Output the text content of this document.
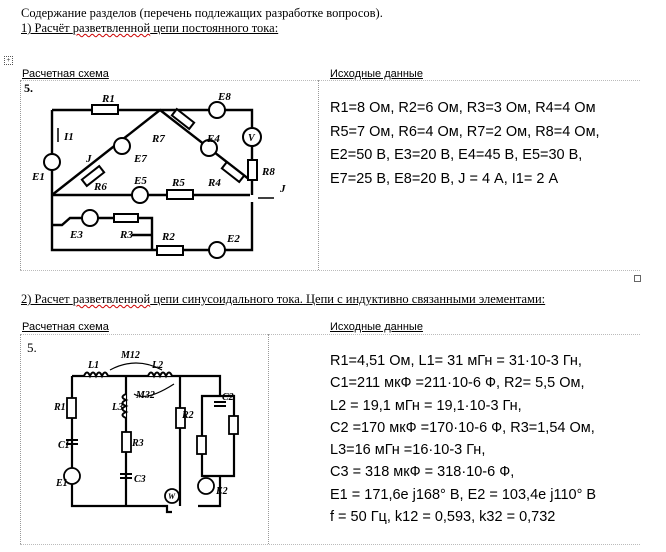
Содержание разделов (перечень подлежащих разработке вопросов).
1) Расчёт разветвленной цепи постоянного тока:
+
Расчетная схема	Исходные данные
5.
R1
R7
E8
V
E4
R8
I1
E1
J	E7
R6 E5 R5 R4	J
E3	R3	R2	E2
R1=8 Ом, R2=6 Ом, R3=3 Ом, R4=4 Ом
R5=7 Ом, R6=4 Ом, R7=2 Ом, R8=4 Ом,
E2=50 В, E3=20 В, E4=45 В, E5=30 В,
E7=25 В, E8=20 В, J = 4 А, I1= 2 А
2) Расчет разветвленной цепи синусоидального тока. Цепи с индуктивно связанными элементами:
Расчетная схема	Исходные данные
5.
L1
M12
L2
C2
R1	L3
M32
R2
C1	R3
E1	C3
W	E2
R1=4,51 Ом, L1= 31 мГн = 31·10-3 Гн,
C1=211 мкФ =211·10-6 Ф, R2= 5,5 Ом,
L2 = 19,1 мГн = 19,1·10-3 Гн,
C2 =170 мкФ =170·10-6 Ф, R3=1,54 Ом,
L3=16 мГн =16·10-3 Гн,
C3 = 318 мкФ = 318·10-6 Ф,
E1 = 171,6e j168° В, E2 = 103,4e j110° В
f = 50 Гц, k12 = 0,593, k32 = 0,732
